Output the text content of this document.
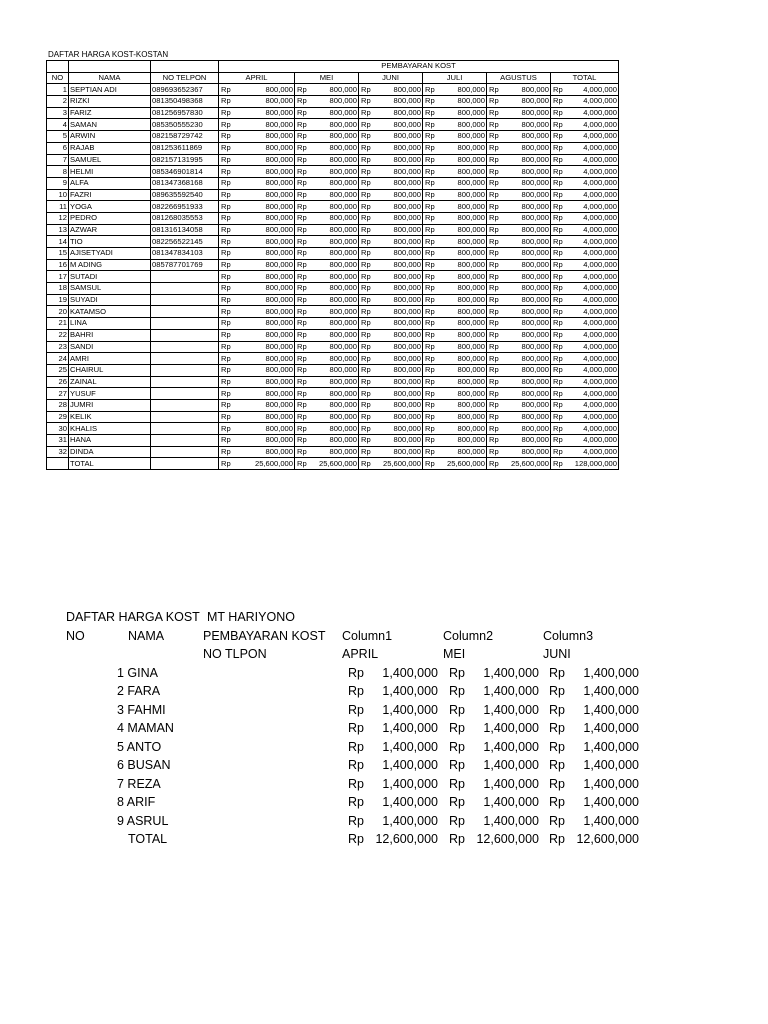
DAFTAR HARGA KOST-KOSTAN
			PEMBAYARAN KOST											
NO	NAMA	NO TELPON	APRIL		MEI		JUNI		JULI		AGUSTUS		TOTAL	
1	SEPTIAN ADI	089693652367	Rp	800,000	Rp	800,000	Rp	800,000	Rp	800,000	Rp	800,000	Rp	4,000,000
2	RIZKI	081350498368	Rp	800,000	Rp	800,000	Rp	800,000	Rp	800,000	Rp	800,000	Rp	4,000,000
3	FARIZ	081256957830	Rp	800,000	Rp	800,000	Rp	800,000	Rp	800,000	Rp	800,000	Rp	4,000,000
4	SAMAN	085350555230	Rp	800,000	Rp	800,000	Rp	800,000	Rp	800,000	Rp	800,000	Rp	4,000,000
5	ARWIN	082158729742	Rp	800,000	Rp	800,000	Rp	800,000	Rp	800,000	Rp	800,000	Rp	4,000,000
6	RAJAB	081253611869	Rp	800,000	Rp	800,000	Rp	800,000	Rp	800,000	Rp	800,000	Rp	4,000,000
7	SAMUEL	082157131995	Rp	800,000	Rp	800,000	Rp	800,000	Rp	800,000	Rp	800,000	Rp	4,000,000
8	HELMI	085346901814	Rp	800,000	Rp	800,000	Rp	800,000	Rp	800,000	Rp	800,000	Rp	4,000,000
9	ALFA	081347368168	Rp	800,000	Rp	800,000	Rp	800,000	Rp	800,000	Rp	800,000	Rp	4,000,000
10	FAZRI	089635592540	Rp	800,000	Rp	800,000	Rp	800,000	Rp	800,000	Rp	800,000	Rp	4,000,000
11	YOGA	082266951933	Rp	800,000	Rp	800,000	Rp	800,000	Rp	800,000	Rp	800,000	Rp	4,000,000
12	PEDRO	081268035553	Rp	800,000	Rp	800,000	Rp	800,000	Rp	800,000	Rp	800,000	Rp	4,000,000
13	AZWAR	081316134058	Rp	800,000	Rp	800,000	Rp	800,000	Rp	800,000	Rp	800,000	Rp	4,000,000
14	TIO	082256522145	Rp	800,000	Rp	800,000	Rp	800,000	Rp	800,000	Rp	800,000	Rp	4,000,000
15	AJISETYADI	081347834103	Rp	800,000	Rp	800,000	Rp	800,000	Rp	800,000	Rp	800,000	Rp	4,000,000
16	M ADING	085787701769	Rp	800,000	Rp	800,000	Rp	800,000	Rp	800,000	Rp	800,000	Rp	4,000,000
17	SUTADI		Rp	800,000	Rp	800,000	Rp	800,000	Rp	800,000	Rp	800,000	Rp	4,000,000
18	SAMSUL		Rp	800,000	Rp	800,000	Rp	800,000	Rp	800,000	Rp	800,000	Rp	4,000,000
19	SUYADI		Rp	800,000	Rp	800,000	Rp	800,000	Rp	800,000	Rp	800,000	Rp	4,000,000
20	KATAMSO		Rp	800,000	Rp	800,000	Rp	800,000	Rp	800,000	Rp	800,000	Rp	4,000,000
21	LINA		Rp	800,000	Rp	800,000	Rp	800,000	Rp	800,000	Rp	800,000	Rp	4,000,000
22	BAHRI		Rp	800,000	Rp	800,000	Rp	800,000	Rp	800,000	Rp	800,000	Rp	4,000,000
23	SANDI		Rp	800,000	Rp	800,000	Rp	800,000	Rp	800,000	Rp	800,000	Rp	4,000,000
24	AMRI		Rp	800,000	Rp	800,000	Rp	800,000	Rp	800,000	Rp	800,000	Rp	4,000,000
25	CHAIRUL		Rp	800,000	Rp	800,000	Rp	800,000	Rp	800,000	Rp	800,000	Rp	4,000,000
26	ZAINAL		Rp	800,000	Rp	800,000	Rp	800,000	Rp	800,000	Rp	800,000	Rp	4,000,000
27	YUSUF		Rp	800,000	Rp	800,000	Rp	800,000	Rp	800,000	Rp	800,000	Rp	4,000,000
28	JUMRI		Rp	800,000	Rp	800,000	Rp	800,000	Rp	800,000	Rp	800,000	Rp	4,000,000
29	KELIK		Rp	800,000	Rp	800,000	Rp	800,000	Rp	800,000	Rp	800,000	Rp	4,000,000
30	KHALIS		Rp	800,000	Rp	800,000	Rp	800,000	Rp	800,000	Rp	800,000	Rp	4,000,000
31	HANA		Rp	800,000	Rp	800,000	Rp	800,000	Rp	800,000	Rp	800,000	Rp	4,000,000
32	DINDA		Rp	800,000	Rp	800,000	Rp	800,000	Rp	800,000	Rp	800,000	Rp	4,000,000
	TOTAL		Rp	25,600,000	Rp	25,600,000	Rp	25,600,000	Rp	25,600,000	Rp	25,600,000	Rp	128,000,000
DAFTAR HARGA KOST MT HARIYONO
NO	NAMA	PEMBAYARAN KOST Column1	Column2	Column3
NO TLPON	APRIL	MEI	JUNI
1 GINA	Rp	1,400,000 Rp	1,400,000 Rp	1,400,000
2 FARA	Rp	1,400,000 Rp	1,400,000 Rp	1,400,000
3 FAHMI	Rp	1,400,000 Rp	1,400,000 Rp	1,400,000
4 MAMAN	Rp	1,400,000 Rp	1,400,000 Rp	1,400,000
5 ANTO	Rp	1,400,000 Rp	1,400,000 Rp	1,400,000
6 BUSAN	Rp	1,400,000 Rp	1,400,000 Rp	1,400,000
7 REZA	Rp	1,400,000 Rp	1,400,000 Rp	1,400,000
8 ARIF	Rp	1,400,000 Rp	1,400,000 Rp	1,400,000
9 ASRUL	Rp	1,400,000 Rp	1,400,000 Rp	1,400,000
TOTAL	Rp 12,600,000 Rp 12,600,000 Rp 12,600,000
